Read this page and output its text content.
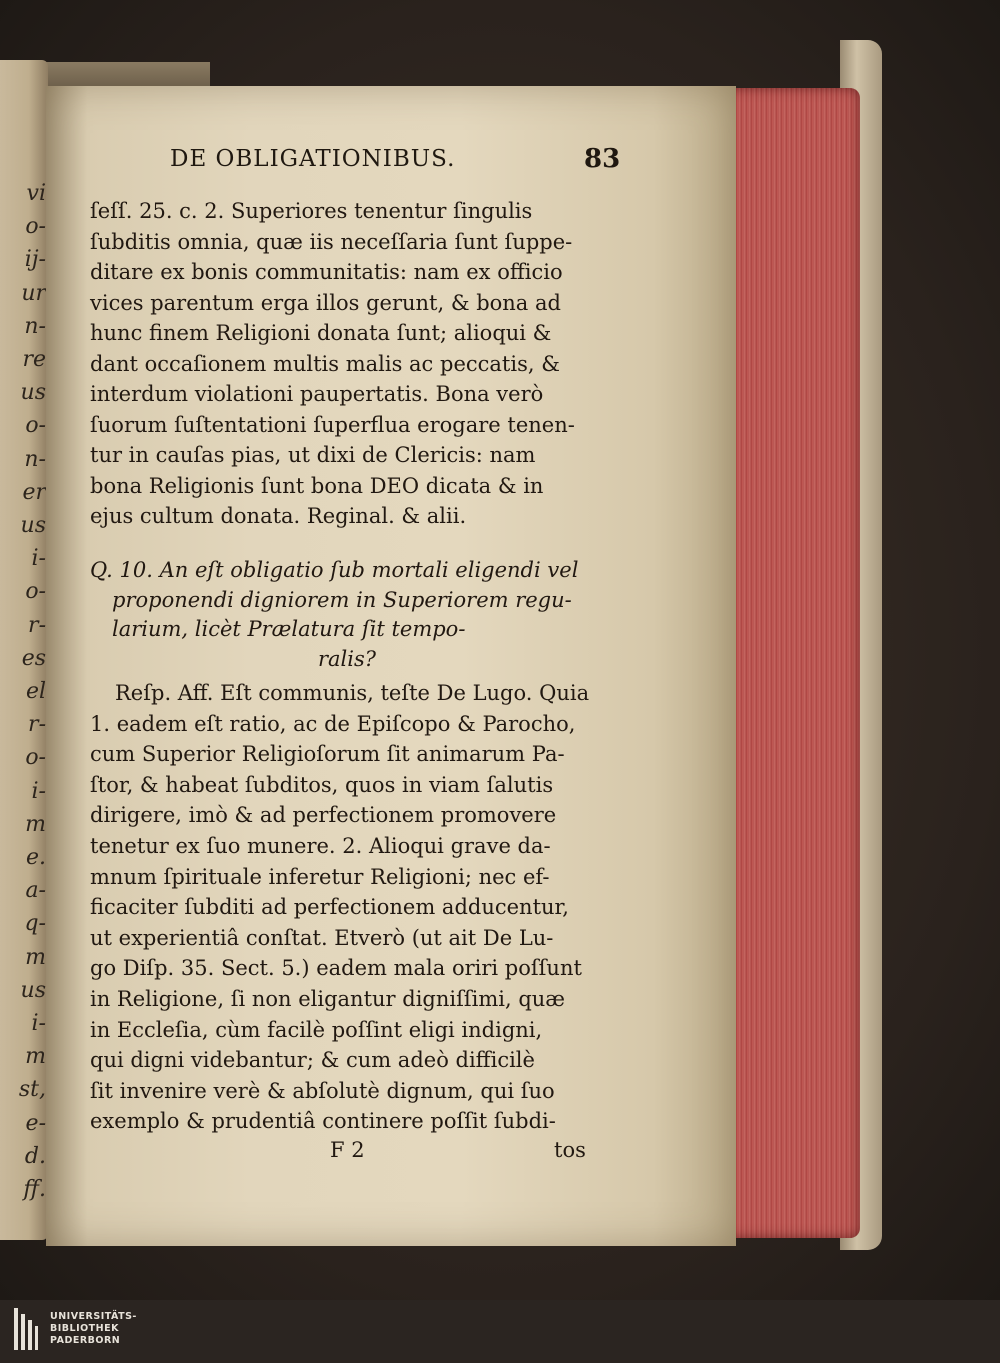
vi
o-
ij-
ur
n-
re
us
o-
n-
er
us
i-
o-
r-
es
el
r-
o-
i-
m
e.
a-
q-
m
us
i-
m
st,
e-
d.
ff.
DE OBLIGATIONIBUS.	83
ſeſſ. 25. c. 2. Superiores tenentur ſingulis
ſubditis omnia, quæ iis neceſſaria ſunt ſuppe-
ditare ex bonis communitatis: nam ex officio
vices parentum erga illos gerunt, & bona ad
hunc finem Religioni donata ſunt; alioqui &
dant occaſionem multis malis ac peccatis, &
interdum violationi paupertatis. Bona verò
ſuorum ſuſtentationi ſuperflua erogare tenen-
tur in cauſas pias, ut dixi de Clericis: nam
bona Religionis ſunt bona DEO dicata & in
ejus cultum donata. Reginal. & alii.
Q. 10. An eſt obligatio ſub mortali eligendi vel
proponendi digniorem in Superiorem regu-
larium, licèt Prælatura ſit tempo-
ralis?
Reſp. Aff. Eſt communis, teſte De Lugo. Quia
1. eadem eſt ratio, ac de Epiſcopo & Parocho,
cum Superior Religioſorum ſit animarum Pa-
ſtor, & habeat ſubditos, quos in viam ſalutis
dirigere, imò & ad perfectionem promovere
tenetur ex ſuo munere. 2. Alioqui grave da-
mnum ſpirituale inferetur Religioni; nec ef-
ficaciter ſubditi ad perfectionem adducentur,
ut experientiâ conſtat. Etverò (ut ait De Lu-
go Diſp. 35. Sect. 5.) eadem mala oriri poſſunt
in Religione, ſi non eligantur digniſſimi, quæ
in Eccleſia, cùm facilè poſſint eligi indigni,
qui digni videbantur; & cum adeò difficilè
ſit invenire verè & abſolutè dignum, qui ſuo
exemplo & prudentiâ continere poſſit ſubdi-
F 2	tos
UNIVERSITÄTS-
BIBLIOTHEK
PADERBORN
